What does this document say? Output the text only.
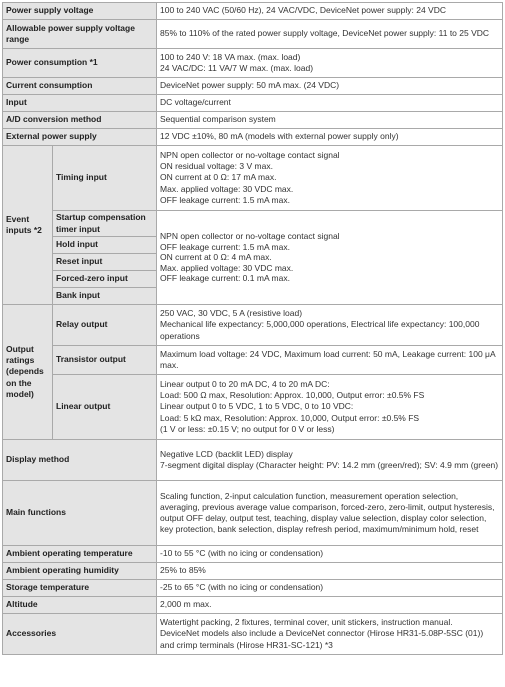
Power supply voltage		100 to 240 VAC (50/60 Hz), 24 VAC/VDC, DeviceNet power supply: 24 VDC
Allowable power supply voltage range		85% to 110% of the rated power supply voltage, DeviceNet power supply: 11 to 25 VDC
Power consumption *1		100 to 240 V: 18 VA max. (max. load)
24 VAC/DC: 11 VA/7 W max. (max. load)
Current consumption		DeviceNet power supply: 50 mA max. (24 VDC)
Input		DC voltage/current
A/D conversion method		Sequential comparison system
External power supply		12 VDC ±10%, 80 mA (models with external power supply only)
Event inputs *2	Timing input	NPN open collector or no-voltage contact signal
ON residual voltage: 3 V max.
ON current at 0 Ω: 17 mA max.
Max. applied voltage: 30 VDC max.
OFF leakage current: 1.5 mA max.
	Startup compensation timer input	NPN open collector or no-voltage contact signal
OFF leakage current: 1.5 mA max.
ON current at 0 Ω: 4 mA max.
Max. applied voltage: 30 VDC max.
OFF leakage current: 0.1 mA max.
	Hold input	
	Reset input	
	Forced-zero input	
	Bank input	
Output ratings (depends on the model)	Relay output	250 VAC, 30 VDC, 5 A (resistive load)
Mechanical life expectancy: 5,000,000 operations, Electrical life expectancy: 100,000 operations
	Transistor output	Maximum load voltage: 24 VDC, Maximum load current: 50 mA, Leakage current: 100 μA max.
	Linear output	Linear output 0 to 20 mA DC, 4 to 20 mA DC:
Load: 500 Ω max, Resolution: Approx. 10,000, Output error: ±0.5% FS
Linear output 0 to 5 VDC, 1 to 5 VDC, 0 to 10 VDC:
Load: 5 kΩ max, Resolution: Approx. 10,000, Output error: ±0.5% FS
(1 V or less: ±0.15 V; no output for 0 V or less)
Display method		Negative LCD (backlit LED) display
7-segment digital display (Character height: PV: 14.2 mm (green/red); SV: 4.9 mm (green)
Main functions		Scaling function, 2-input calculation function, measurement operation selection, averaging, previous average value comparison, forced-zero, zero-limit, output hysteresis, output OFF delay, output test, teaching, display value selection, display color selection, key protection, bank selection, display refresh period, maximum/minimum hold, reset
Ambient operating temperature		-10 to 55 °C (with no icing or condensation)
Ambient operating humidity		25% to 85%
Storage temperature		-25 to 65 °C (with no icing or condensation)
Altitude		2,000 m max.
Accessories		Watertight packing, 2 fixtures, terminal cover, unit stickers, instruction manual.
DeviceNet models also include a DeviceNet connector (Hirose HR31-5.08P-5SC (01)) and crimp terminals (Hirose HR31-SC-121) *3
